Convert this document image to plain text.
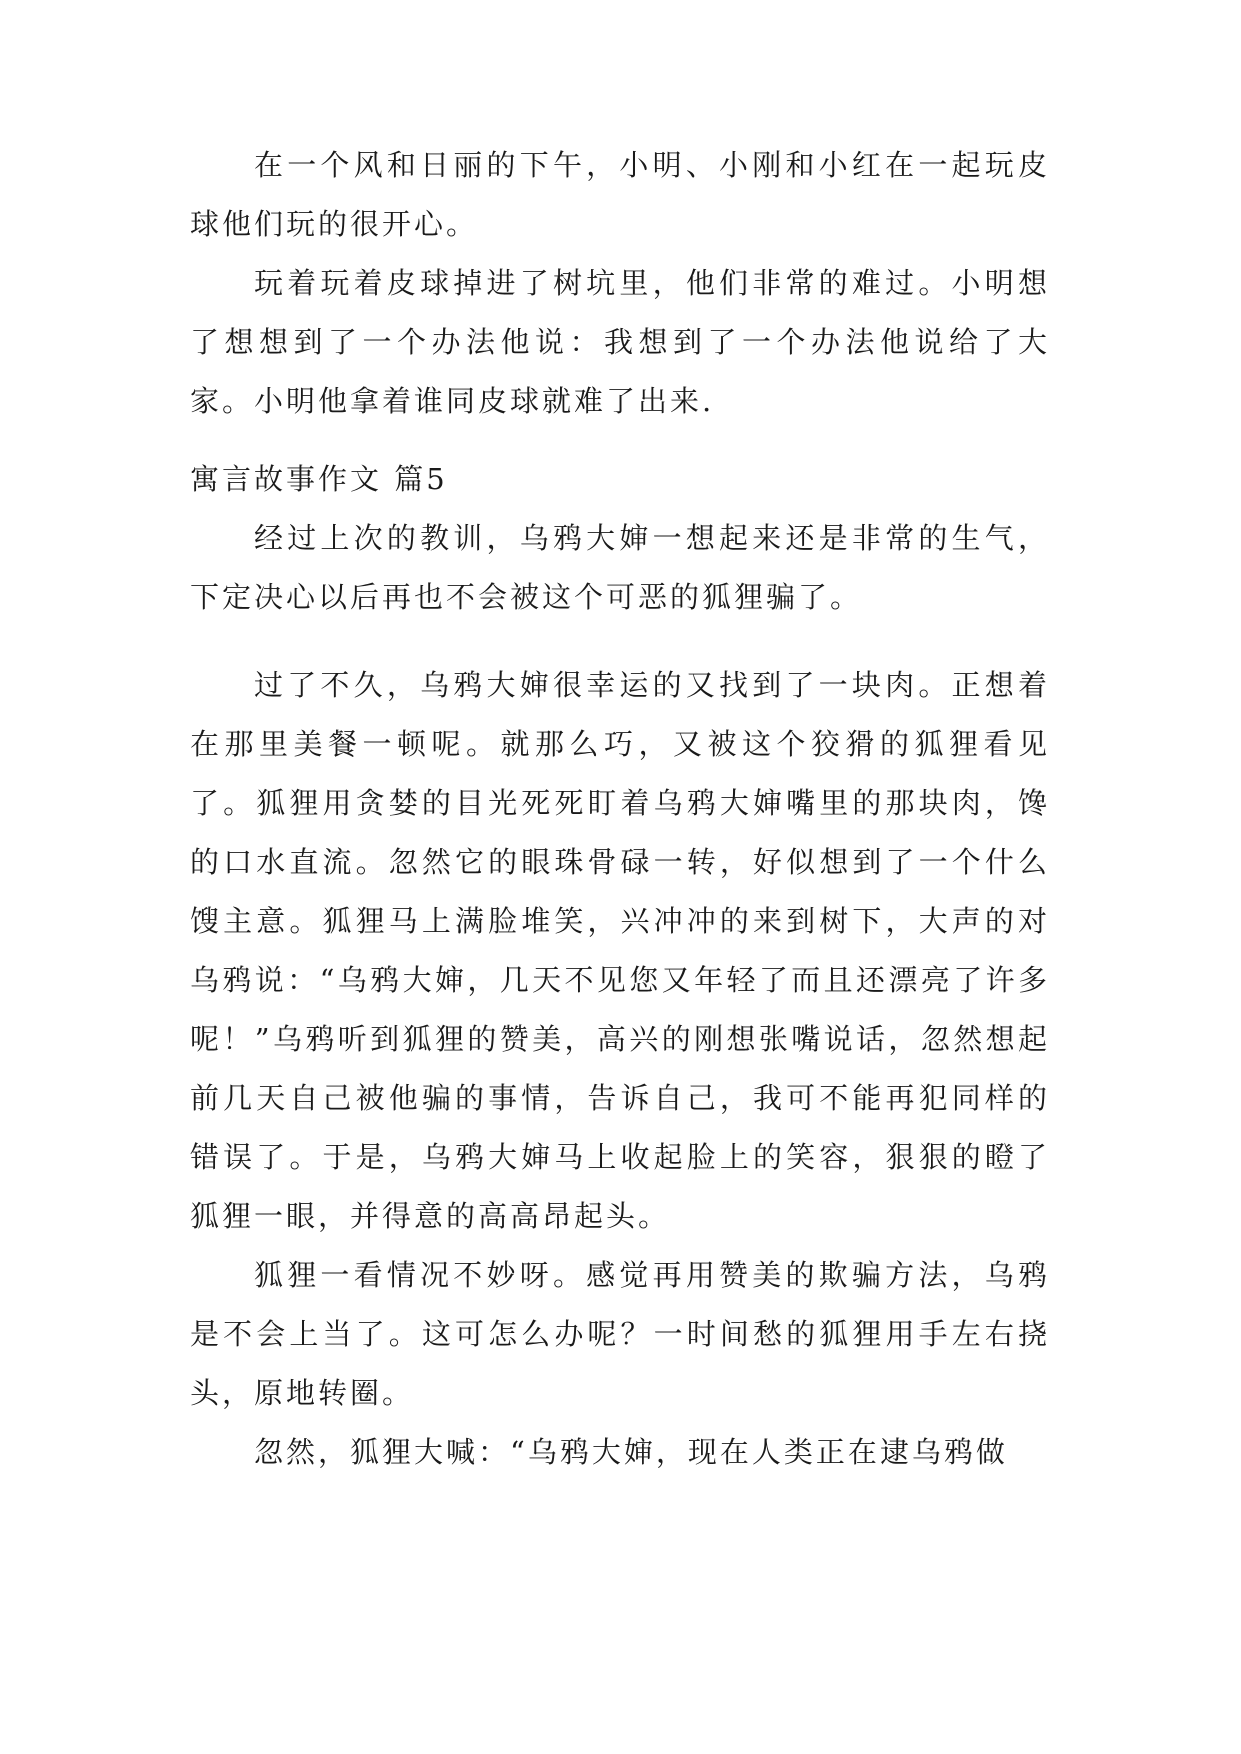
在一个风和日丽的下午，小明、小刚和小红在一起玩皮球他们玩的很开心。

玩着玩着皮球掉进了树坑里，他们非常的难过。小明想了想想到了一个办法他说：我想到了一个办法他说给了大家。小明他拿着谁同皮球就难了出来.

寓言故事作文 篇5

经过上次的教训，乌鸦大婶一想起来还是非常的生气，下定决心以后再也不会被这个可恶的狐狸骗了。

过了不久，乌鸦大婶很幸运的又找到了一块肉。正想着在那里美餐一顿呢。就那么巧，又被这个狡猾的狐狸看见了。狐狸用贪婪的目光死死盯着乌鸦大婶嘴里的那块肉，馋的口水直流。忽然它的眼珠骨碌一转，好似想到了一个什么馊主意。狐狸马上满脸堆笑，兴冲冲的来到树下，大声的对乌鸦说：“乌鸦大婶，几天不见您又年轻了而且还漂亮了许多呢！”乌鸦听到狐狸的赞美，高兴的刚想张嘴说话，忽然想起前几天自己被他骗的事情，告诉自己，我可不能再犯同样的错误了。于是，乌鸦大婶马上收起脸上的笑容，狠狠的瞪了狐狸一眼，并得意的高高昂起头。

狐狸一看情况不妙呀。感觉再用赞美的欺骗方法，乌鸦是不会上当了。这可怎么办呢？一时间愁的狐狸用手左右挠头，原地转圈。

忽然，狐狸大喊：“乌鸦大婶，现在人类正在逮乌鸦做
